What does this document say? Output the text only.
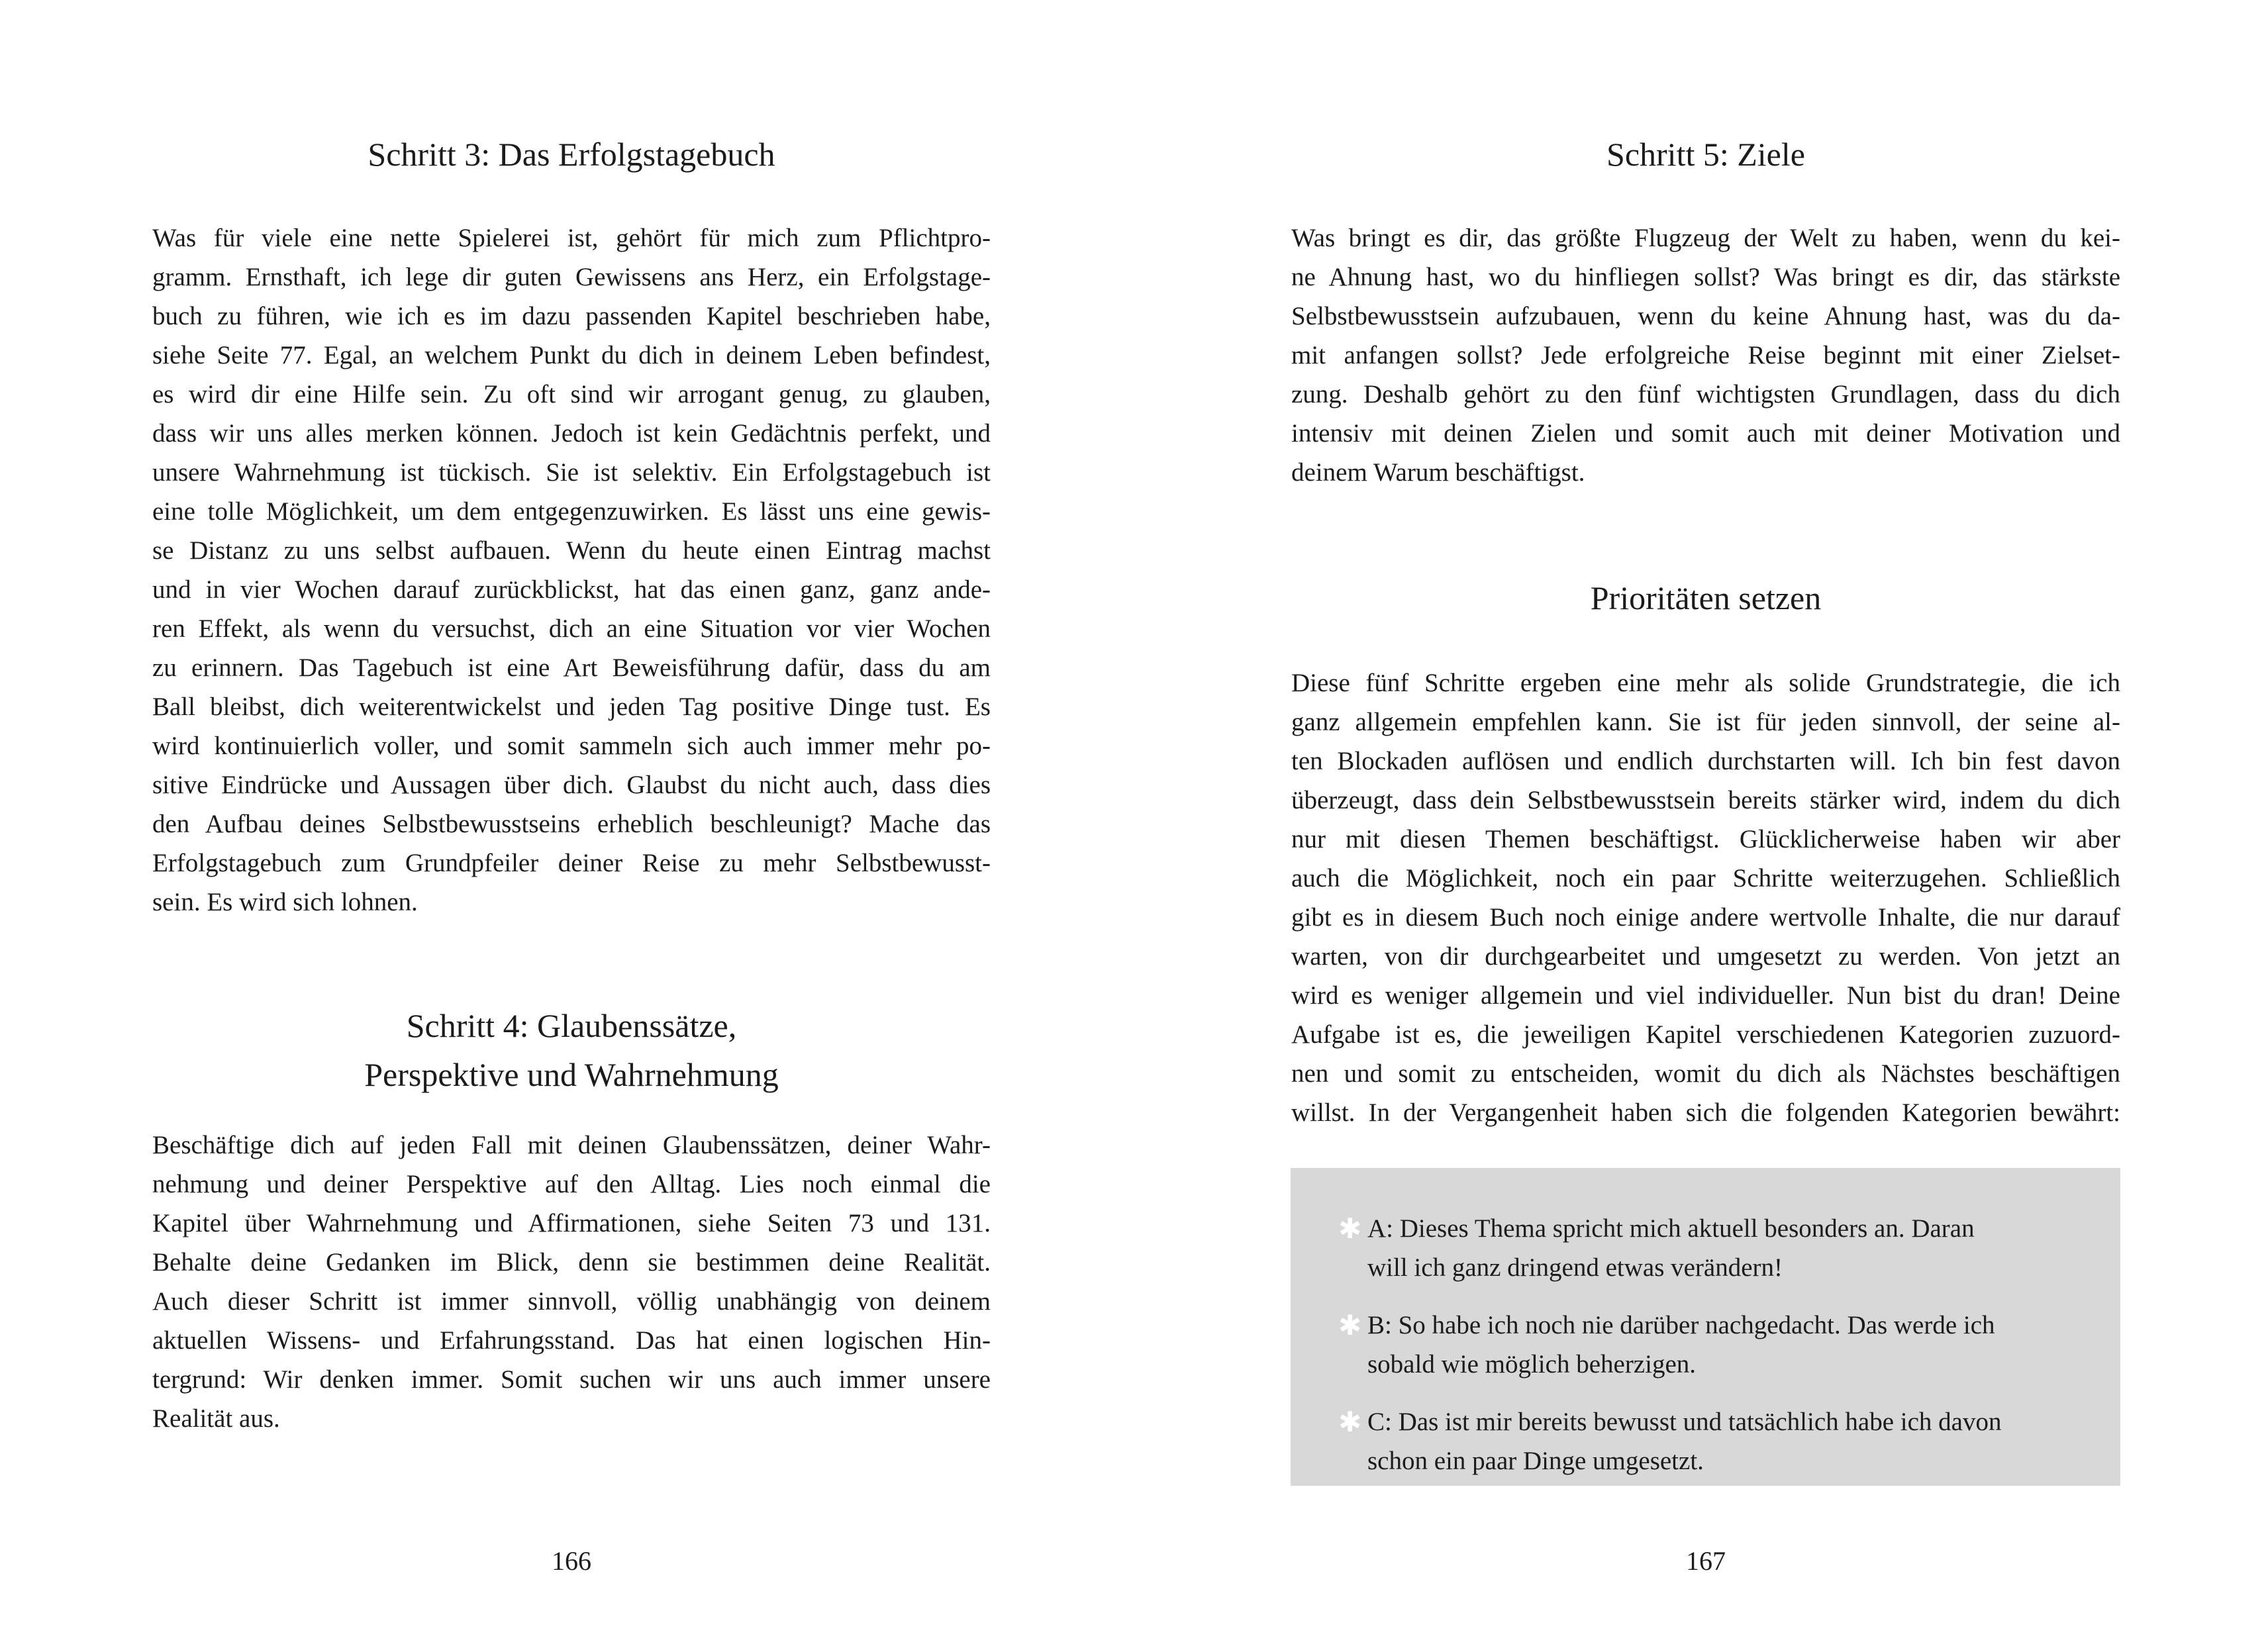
Schritt 3: Das Erfolgstagebuch
Was für viele eine nette Spielerei ist, gehört für mich zum Pflichtpro-
gramm. Ernsthaft, ich lege dir guten Gewissens ans Herz, ein Erfolgstage-
buch zu führen, wie ich es im dazu passenden Kapitel beschrieben habe,
siehe Seite 77. Egal, an welchem Punkt du dich in deinem Leben befindest,
es wird dir eine Hilfe sein. Zu oft sind wir arrogant genug, zu glauben,
dass wir uns alles merken können. Jedoch ist kein Gedächtnis perfekt, und
unsere Wahrnehmung ist tückisch. Sie ist selektiv. Ein Erfolgstagebuch ist
eine tolle Möglichkeit, um dem entgegenzuwirken. Es lässt uns eine gewis-
se Distanz zu uns selbst aufbauen. Wenn du heute einen Eintrag machst
und in vier Wochen darauf zurückblickst, hat das einen ganz, ganz ande-
ren Effekt, als wenn du versuchst, dich an eine Situation vor vier Wochen
zu erinnern. Das Tagebuch ist eine Art Beweisführung dafür, dass du am
Ball bleibst, dich weiterentwickelst und jeden Tag positive Dinge tust. Es
wird kontinuierlich voller, und somit sammeln sich auch immer mehr po-
sitive Eindrücke und Aussagen über dich. Glaubst du nicht auch, dass dies
den Aufbau deines Selbstbewusstseins erheblich beschleunigt? Mache das
Erfolgstagebuch zum Grundpfeiler deiner Reise zu mehr Selbstbewusst-
sein. Es wird sich lohnen.
Schritt 4: Glaubenssätze,
Perspektive und Wahrnehmung
Beschäftige dich auf jeden Fall mit deinen Glaubenssätzen, deiner Wahr-
nehmung und deiner Perspektive auf den Alltag. Lies noch einmal die
Kapitel über Wahrnehmung und Affirmationen, siehe Seiten 73 und 131.
Behalte deine Gedanken im Blick, denn sie bestimmen deine Realität.
Auch dieser Schritt ist immer sinnvoll, völlig unabhängig von deinem
aktuellen Wissens- und Erfahrungsstand. Das hat einen logischen Hin-
tergrund: Wir denken immer. Somit suchen wir uns auch immer unsere
Realität aus.
166
Schritt 5: Ziele
Was bringt es dir, das größte Flugzeug der Welt zu haben, wenn du kei-
ne Ahnung hast, wo du hinfliegen sollst? Was bringt es dir, das stärkste
Selbstbewusstsein aufzubauen, wenn du keine Ahnung hast, was du da-
mit anfangen sollst? Jede erfolgreiche Reise beginnt mit einer Zielset-
zung. Deshalb gehört zu den fünf wichtigsten Grundlagen, dass du dich
intensiv mit deinen Zielen und somit auch mit deiner Motivation und
deinem Warum beschäftigst.
Prioritäten setzen
Diese fünf Schritte ergeben eine mehr als solide Grundstrategie, die ich
ganz allgemein empfehlen kann. Sie ist für jeden sinnvoll, der seine al-
ten Blockaden auflösen und endlich durchstarten will. Ich bin fest davon
überzeugt, dass dein Selbstbewusstsein bereits stärker wird, indem du dich
nur mit diesen Themen beschäftigst. Glücklicherweise haben wir aber
auch die Möglichkeit, noch ein paar Schritte weiterzugehen. Schließlich
gibt es in diesem Buch noch einige andere wertvolle Inhalte, die nur darauf
warten, von dir durchgearbeitet und umgesetzt zu werden. Von jetzt an
wird es weniger allgemein und viel individueller. Nun bist du dran! Deine
Aufgabe ist es, die jeweiligen Kapitel verschiedenen Kategorien zuzuord-
nen und somit zu entscheiden, womit du dich als Nächstes beschäftigen
willst. In der Vergangenheit haben sich die folgenden Kategorien bewährt:
✱ A: Dieses Thema spricht mich aktuell besonders an. Daran
will ich ganz dringend etwas verändern!
✱ B: So habe ich noch nie darüber nachgedacht. Das werde ich
sobald wie möglich beherzigen.
✱ C: Das ist mir bereits bewusst und tatsächlich habe ich davon
schon ein paar Dinge umgesetzt.
167
